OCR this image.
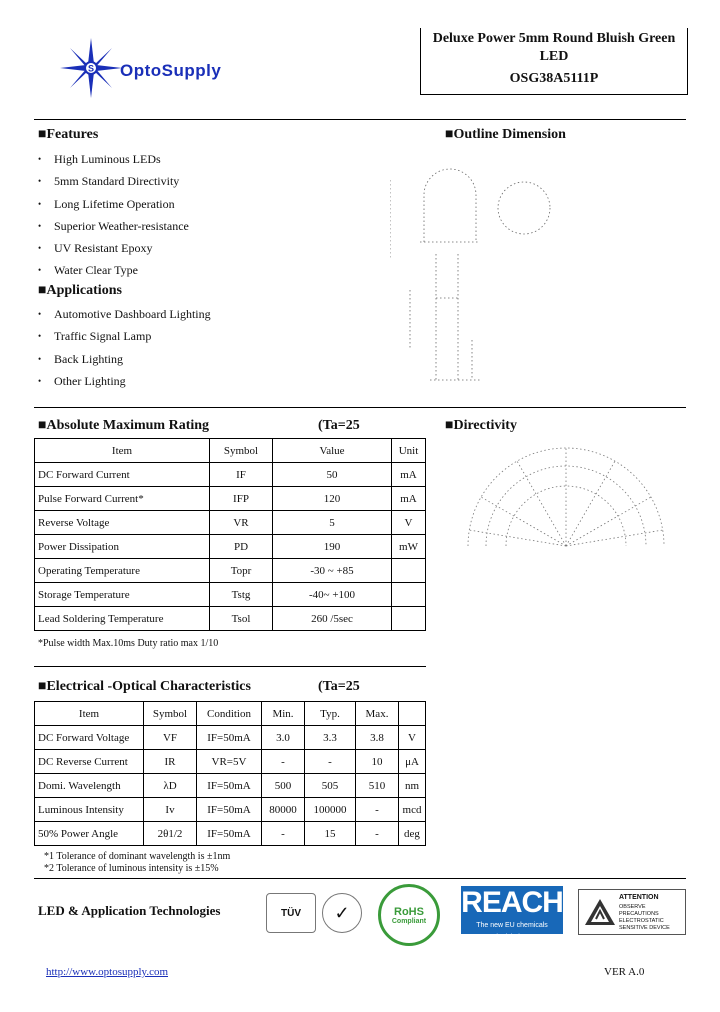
S OptoSupply
Deluxe Power 5mm Round Bluish Green
LED
OSG38A5111P
■Features
• High Luminous LEDs
• 5mm Standard Directivity
• Long Lifetime Operation
• Superior Weather-resistance
• UV Resistant Epoxy
• Water Clear Type
■Applications
• Automotive Dashboard Lighting
• Traffic Signal Lamp
• Back Lighting
• Other Lighting
■Outline Dimension
■Absolute Maximum Rating	(Ta=25
Item	Symbol	Value	Unit
DC Forward Current	IF	50	mA
Pulse Forward Current*	IFP	120	mA
Reverse Voltage	VR	5	V
Power Dissipation	PD	190	mW
Operating Temperature	Topr	-30 ~ +85	
Storage Temperature	Tstg	-40~ +100	
Lead Soldering Temperature	Tsol	260 /5sec	
*Pulse width Max.10ms Duty ratio max 1/10
■Directivity
■Electrical -Optical Characteristics	(Ta=25
Item	Symbol	Condition	Min.	Typ.	Max.	
DC Forward Voltage	VF	IF=50mA	3.0	3.3	3.8	V
DC Reverse Current	IR	VR=5V	-	-	10	μA
Domi. Wavelength	λD	IF=50mA	500	505	510	nm
Luminous Intensity	Iv	IF=50mA	80000	100000	-	mcd
50% Power Angle	2θ1/2	IF=50mA	-	15	-	deg
*1 Tolerance of dominant wavelength is ±1nm
*2 Tolerance of luminous intensity is ±15%
LED & Application Technologies	TÜV ✓	RoHS
Compliant
REACH
The new EU chemicals legislation
ATTENTION
OBSERVE PRECAUTIONS ELECTROSTATIC SENSITIVE DEVICE
http://www.optosupply.com	VER A.0
